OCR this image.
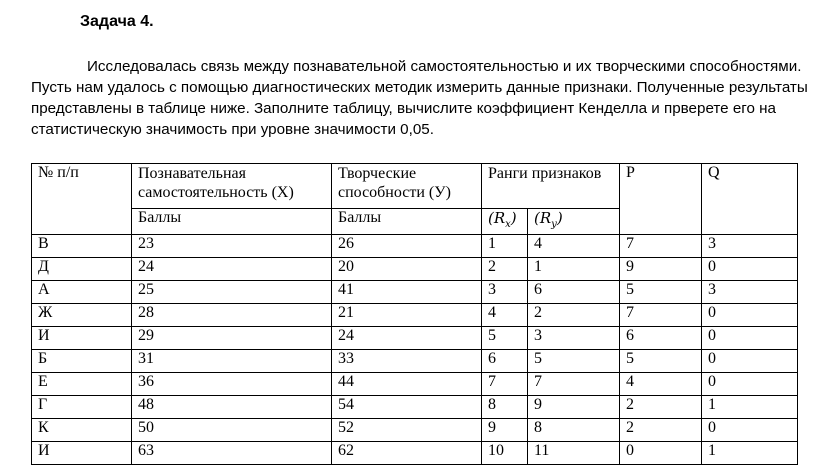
Задача 4.
Исследовалась связь между познавательной самостоятельностью и их творческими способностями. Пусть нам удалось с помощью диагностических методик измерить данные признаки. Полученные результаты представлены в таблице ниже. Заполните таблицу, вычислите коэффициент Кенделла и прверете его на статистическую значимость при уровне значимости 0,05.
№ п/п	Познавательная самостоятельность (Х)	Творческие способности (У)	Ранги признаков		P	Q
	Баллы	Баллы	$(R_x)$	$(R_y)$		
В	23	26	1	4	7	3
Д	24	20	2	1	9	0
А	25	41	3	6	5	3
Ж	28	21	4	2	7	0
И	29	24	5	3	6	0
Б	31	33	6	5	5	0
Е	36	44	7	7	4	0
Г	48	54	8	9	2	1
К	50	52	9	8	2	0
И	63	62	10	11	0	1
